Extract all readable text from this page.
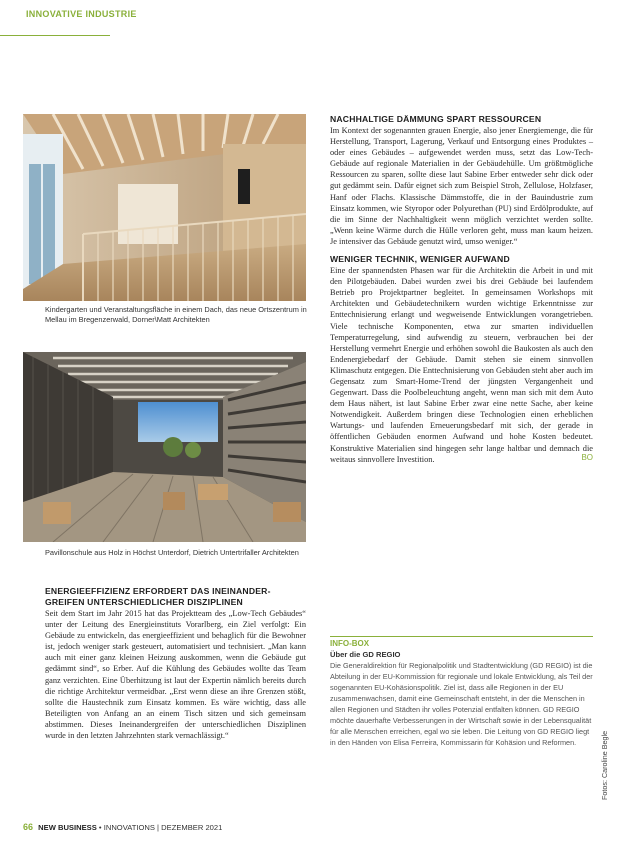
INNOVATIVE INDUSTRIE
Kindergarten und Veranstaltungsfläche in einem Dach, das neue Ortszentrum in Mellau im Bregenzerwald, Dorner\Matt Architekten
Pavillonschule aus Holz in Höchst Unterdorf, Dietrich Untertrifaller Architekten
ENERGIEEFFIZIENZ ERFORDERT DAS INEINANDER-GREIFEN UNTERSCHIEDLICHER DISZIPLINEN

Seit dem Start im Jahr 2015 hat das Projektteam des „Low-Tech Gebäudes“ unter der Leitung des Energieinstituts Vorarlberg, ein Ziel verfolgt: Ein Gebäude zu entwickeln, das energieeffizient und behaglich für die Bewohner ist, jedoch weniger stark gesteuert, automatisiert und technisiert. „Man kann auch mit einer ganz kleinen Heizung auskommen, wenn die Gebäude gut gedämmt sind“, so Erber. Auf die Kühlung des Gebäudes wollte das Team ganz verzichten. Eine Überhitzung ist laut der Expertin nämlich bereits durch die richtige Architektur vermeidbar. „Erst wenn diese an ihre Grenzen stößt, sollte die Haustechnik zum Einsatz kommen. Es wäre wichtig, dass alle Beteiligten von Anfang an an einem Tisch sitzen und sich gemeinsam abstimmen. Dieses Ineinandergreifen der unterschiedlichen Disziplinen wurde in den letzten Jahrzehnten stark vernachlässigt.“

NACHHALTIGE DÄMMUNG SPART RESSOURCEN

Im Kontext der sogenannten grauen Energie, also jener Energiemenge, die für Herstellung, Transport, Lagerung, Verkauf und Entsorgung eines Produktes – oder eines Gebäudes – aufgewendet werden muss, setzt das Low-Tech-Gebäude auf regionale Materialien in der Gebäudehülle. Um größtmögliche Ressourcen zu sparen, sollte diese laut Sabine Erber entweder sehr dick oder gut gedämmt sein. Dafür eignet sich zum Beispiel Stroh, Zellulose, Holzfaser, Hanf oder Flachs. Klassische Dämmstoffe, die in der Bauindustrie zum Einsatz kommen, wie Styropor oder Polyurethan (PU) sind Erdölprodukte, auf die im Sinne der Nachhaltigkeit wenn möglich verzichtet werden sollte. „Wenn keine Wärme durch die Hülle verloren geht, muss man kaum heizen. Je intensiver das Gebäude genutzt wird, umso weniger.“

WENIGER TECHNIK, WENIGER AUFWAND

Eine der spannendsten Phasen war für die Architektin die Arbeit in und mit den Pilotgebäuden. Dabei wurden zwei bis drei Gebäude bei laufendem Betrieb pro Projektpartner begleitet. In gemeinsamen Workshops mit Architekten und Gebäudetechnikern wurden wichtige Erkenntnisse zur Enttechnisierung erlangt und wegweisende Entwicklungen vorangetrieben. Viele technische Komponenten, etwa zur smarten individuellen Temperaturregelung, sind aufwendig zu steuern, verbrauchen bei der Herstellung vermehrt Energie und erhöhen sowohl die Baukosten als auch den Endenergiebedarf der Gebäude. Damit stehen sie einem sinnvollen Klimaschutz entgegen. Die Enttechnisierung von Gebäuden steht aber auch im Gegensatz zum Smart-Home-Trend der jüngsten Vergangenheit und Gegenwart. Dass die Poolbeleuchtung angeht, wenn man sich mit dem Auto dem Haus nähert, ist laut Sabine Erber zwar eine nette Sache, aber keine Notwendigkeit. Außerdem bringen diese Technologien einen erheblichen Wartungs- und laufenden Erneuerungsbedarf mit sich, der gerade in öffentlichen Gebäuden enormen Aufwand und hohe Kosten bedeutet. Konstruktive Materialien sind hingegen sehr lange haltbar und demnach die weitaus sinnvollere Investition.	BO
INFO-BOX
Über die GD REGIO

Die Generaldirektion für Regionalpolitik und Stadtentwicklung (GD REGIO) ist die Abteilung in der EU-Kommission für regionale und lokale Entwicklung, als Teil der sogenannten EU-Kohäsionspolitik. Ziel ist, dass alle Regionen in der EU zusammenwachsen, damit eine Gemeinschaft entsteht, in der die Menschen in allen Regionen und Städten ihr volles Potenzial entfalten können. GD REGIO möchte dauerhafte Verbesserungen in der Wirtschaft sowie in der Lebensqualität für alle Menschen erreichen, egal wo sie leben. Die Leitung von GD REGIO liegt in den Händen von Elisa Ferreira, Kommissarin für Kohäsion und Reformen.	Fotos: Caroline Begle
66 NEW BUSINESS • INNOVATIONS | DEZEMBER 2021
